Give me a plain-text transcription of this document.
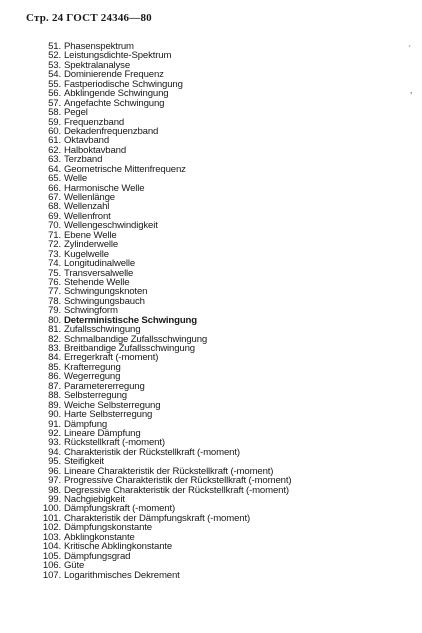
Стр. 24 ГОСТ 24346—80
51. Phasenspektrum
52. Leistungsdichte-Spektrum
53. Spektralanalyse
54. Dominierende Frequenz
55. Fastperiodische Schwingung
56. Abklingende Schwingung
57. Angefachte Schwingung
58. Pegel
59. Frequenzband
60. Dekadenfrequenzband
61. Oktavband
62. Halboktavband
63. Terzband
64. Geometrische Mittenfrequenz
65. Welle
66. Harmonische Welle
67. Wellenlänge
68. Wellenzahl
69. Wellenfront
70. Wellengeschwindigkeit
71. Ebene Welle
72. Zylinderwelle
73. Kugelwelle
74. Longitudinalwelle
75. Transversalwelle
76. Stehende Welle
77. Schwingungsknoten
78. Schwingungsbauch
79. Schwingform
80. Deterministische Schwingung
81. Zufallsschwingung
82. Schmalbandige Zufallsschwingung
83. Breitbandige Zufallsschwingung
84. Erregerkraft (-moment)
85. Krafterregung
86. Wegerregung
87. Parametererregung
88. Selbsterregung
89. Weiche Selbsterregung
90. Harte Selbsterregung
91. Dämpfung
92. Lineare Dämpfung
93. Rückstellkraft (-moment)
94. Charakteristik der Rückstellkraft (-moment)
95. Steifigkeit
96. Lineare Charakteristik der Rückstellkraft (-moment)
97. Progressive Charakteristik der Rückstellkraft (-moment)
98. Degressive Charakteristik der Rückstellkraft (-moment)
99. Nachgiebigkeit
100. Dämpfungskraft (-moment)
101. Charakteristik der Dämpfungskraft (-moment)
102. Dämpfungskonstante
103. Abklingkonstante
104. Kritische Abklingkonstante
105. Dämpfungsgrad
106. Güte
107. Logarithmisches Dekrement
´
,
